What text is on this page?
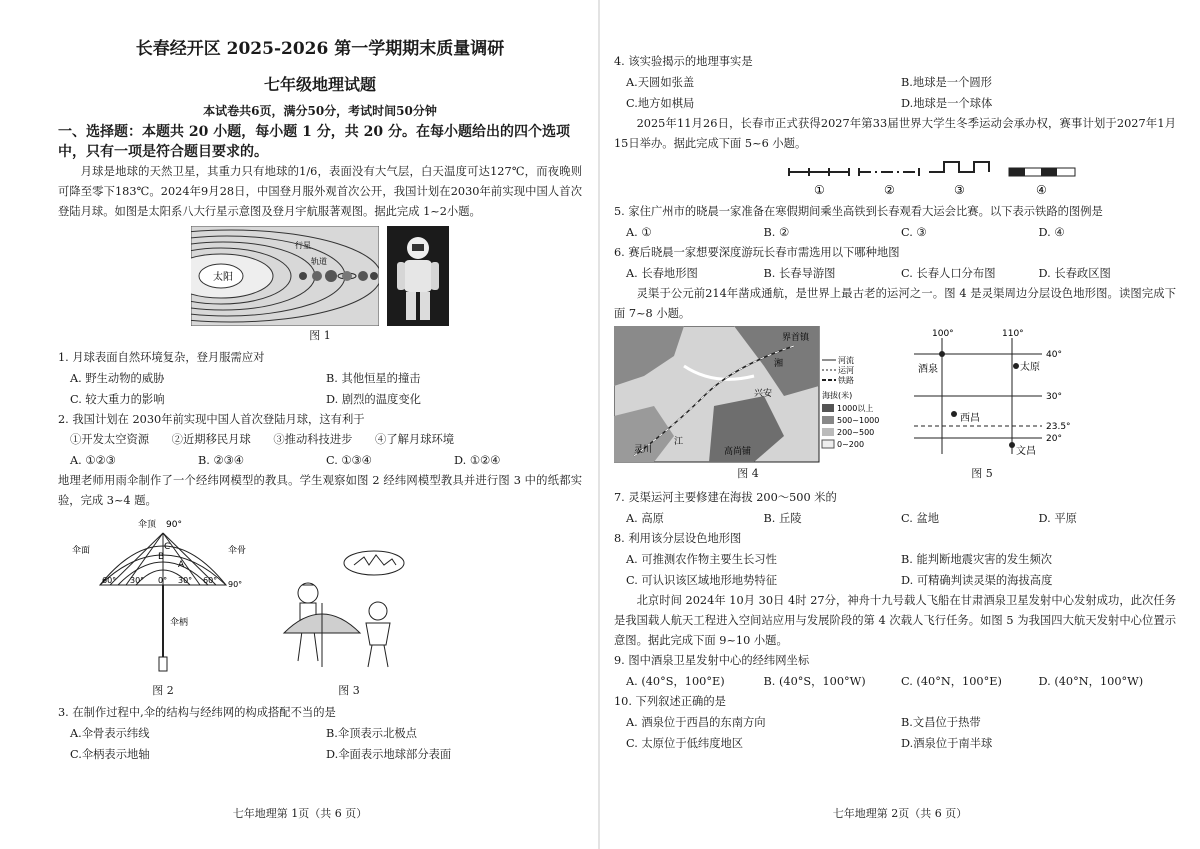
长春经开区 2025-2026 第一学期期末质量调研
七年级地理试题
本试卷共6页，满分50分，考试时间50分钟
一、选择题：本题共 20 小题，每小题 1 分，共 20 分。在每小题给出的四个选项中，只有一项是符合题目要求的。
月球是地球的天然卫星，其重力只有地球的1/6，表面没有大气层，白天温度可达127℃，而夜晚则可降至零下183℃。2024年9月28日，中国登月服外观首次公开，我国计划在2030年前实现中国人首次登陆月球。如图是太阳系八大行星示意图及登月宇航服著观图。据此完成 1~2小题。
太阳
行星
轨道
图 1
1. 月球表面自然环境复杂，登月服需应对
A. 野生动物的威胁	B. 其他恒星的撞击
C. 较大重力的影响	D. 剧烈的温度变化
2. 我国计划在 2030年前实现中国人首次登陆月球，这有利于
①开发太空资源　　②近期移民月球　　③推动科技进步　　④了解月球环境
A. ①②③	B. ②③④	C. ①③④	D. ①②④
地理老师用雨伞制作了一个经纬网模型的教具。学生观察如图 2 经纬网模型教具并进行图 3 中的纸都实验，完成 3~4 题。
伞顶 90°
伞面	伞骨
伞柄
90°
60°	60°
30°	30°
0°
A
B
C
图 2	图 3
3. 在制作过程中,伞的结构与经纬网的构成搭配不当的是
A.伞骨表示纬线	B.伞顶表示北极点
C.伞柄表示地轴	D.伞面表示地球部分表面
七年地理第 1页（共 6 页）
4. 该实验揭示的地理事实是
A.天圆如张盖	B.地球是一个圆形
C.地方如棋局	D.地球是一个球体
2025年11月26日，长春市正式获得2027年第33届世界大学生冬季运动会承办权，赛事计划于2027年1月15日举办。据此完成下面 5~6 小题。
①	②	③	④
5. 家住广州市的晓晨一家准备在寒假期间乘坐高铁到长春观看大运会比赛。以下表示铁路的图例是
A. ①	B. ②	C. ③	D. ④
6. 赛后晓晨一家想要深度游玩长春市需选用以下哪种地图
A. 长春地形图	B. 长春导游图	C. 长春人口分布图	D. 长春政区图
灵渠于公元前214年凿成通航，是世界上最古老的运河之一。图 4 是灵渠周边分层设色地形图。读图完成下面 7~8 小题。
兴安
灵川	高尚铺
界首镇
湘
江
河流
运河
铁路
海拔(米)
1000以上
500~1000
200~500
0~200
100°	110°
40°
30°
23.5°
20°
酒泉	太原
西昌
文昌
图 4	图 5
7. 灵渠运河主要修建在海拔 200～500 米的
A. 高原	B. 丘陵	C. 盆地	D. 平原
8. 利用该分层设色地形图
A. 可推测农作物主要生长习性	B. 能判断地震灾害的发生频次
C. 可认识该区域地形地势特征	D. 可精确判读灵渠的海拔高度
北京时间 2024年 10月 30日 4时 27分，神舟十九号载人飞船在甘肃酒泉卫星发射中心发射成功，此次任务是我国载人航天工程进入空间站应用与发展阶段的第 4 次载人飞行任务。如图 5 为我国四大航天发射中心位置示意图。据此完成下面 9~10 小题。
9. 图中酒泉卫星发射中心的经纬网坐标
A. (40°S，100°E)	B. (40°S，100°W)	C. (40°N，100°E)	D. (40°N，100°W)
10. 下列叙述正确的是
A. 酒泉位于西昌的东南方向	B.文昌位于热带
C. 太原位于低纬度地区	D.酒泉位于南半球
七年地理第 2页（共 6 页）
